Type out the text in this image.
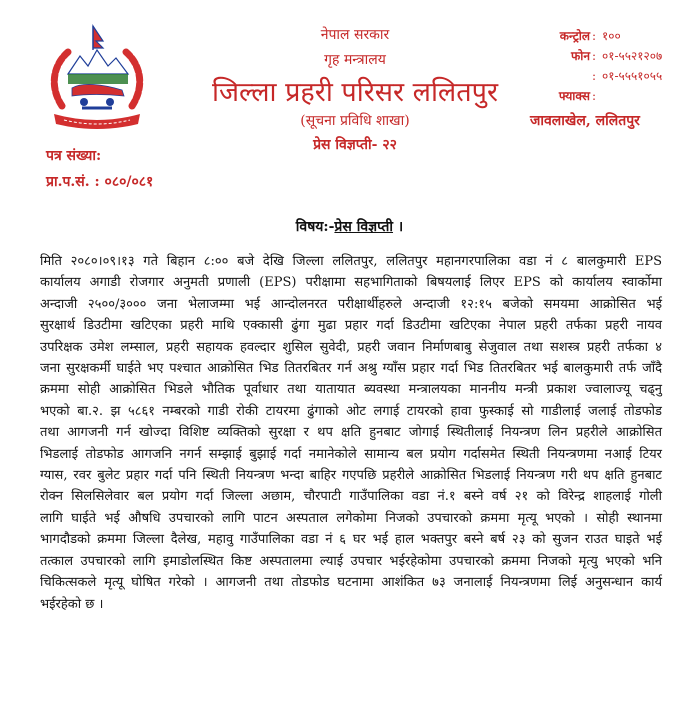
नेपाल सरकार
गृह मन्त्रालय
जिल्ला प्रहरी परिसर ललितपुर
(सूचना प्रविधि शाखा)
प्रेस विज्ञप्ती- २२
कन्ट्रोल : १००
फोन : ०१-५५२१२०७
: ०१-५५५१०५५
फ्याक्स :
जावलाखेल, ललितपुर
पत्र संख्या:
प्रा.प.सं. : ०८०/०८१
विषय:-प्रेस विज्ञप्ती ।
मिति २०८०।०९।१३ गते बिहान ८:०० बजे देखि जिल्ला ललितपुर, ललितपुर महानगरपालिका वडा नं ८ बालकुमारी EPS
कार्यालय अगाडी रोजगार अनुमती प्रणाली (EPS) परीक्षामा सहभागिताको बिषयलाई लिएर EPS को कार्यालय स्वार्कोमा
अन्दाजी २५००/३००० जना भेलाजम्मा भई आन्दोलनरत परीक्षार्थीहरुले अन्दाजी १२:१५ बजेको समयमा आक्रोसित भई
सुरक्षार्थ डिउटीमा खटिएका प्रहरी माथि एक्कासी ढुंगा मुढा प्रहार गर्दा डिउटीमा खटिएका नेपाल प्रहरी तर्फका प्रहरी नायव
उपरिक्षक उमेश लम्साल, प्रहरी सहायक हवल्दार शुसिल सुवेदी, प्रहरी जवान निर्माणबाबु सेजुवाल तथा सशस्त्र प्रहरी तर्फका ४
जना सुरक्षकर्मी घाईते भए पश्चात आक्रोसित भिड तितरबितर गर्न अश्रु ग्याँस प्रहार गर्दा भिड तितरबितर भई बालकुमारी तर्फ जाँदै
क्रममा सोही आक्रोसित भिडले भौतिक पूर्वाधार तथा यातायात ब्यवस्था मन्त्रालयका माननीय मन्त्री प्रकाश ज्वालाज्यू चढ्नु
भएको बा.२. झ ५८६१ नम्बरको गाडी रोकी टायरमा ढुंगाको ओट लगाई टायरको हावा फुस्काई सो गाडीलाई जलाई तोडफोड
तथा आगजनी गर्न खोज्दा विशिष्ट व्यक्तिको सुरक्षा र थप क्षति हुनबाट जोगाई स्थितीलाई नियन्त्रण लिन प्रहरीले आक्रोसित
भिडलाई तोडफोड आगजनि नगर्न सम्झाई बुझाई गर्दा नमानेकोले सामान्य बल प्रयोग गर्दासमेत स्थिती नियन्त्रणमा नआई टियर
ग्यास, रवर बुलेट प्रहार गर्दा पनि स्थिती नियन्त्रण भन्दा बाहिर गएपछि प्रहरीले आक्रोसित भिडलाई नियन्त्रण गरी थप क्षति हुनबाट
रोक्न सिलसिलेवार बल प्रयोग गर्दा जिल्ला अछाम, चौरपाटी गाउँपालिका वडा नं.१ बस्ने वर्ष २१ को विरेन्द्र शाहलाई गोली
लागि घाईते भई औषधि उपचारको लागि पाटन अस्पताल लगेकोमा निजको उपचारको क्रममा मृत्यू भएको । सोही स्थानमा
भागदौडको क्रममा जिल्ला दैलेख, महावु गाउँपालिका वडा नं ६ घर भई हाल भक्तपुर बस्ने बर्ष २३ को सुजन राउत घाइते भई
तत्काल उपचारको लागि इमाडोलस्थित किष्ट अस्पतालमा ल्याई उपचार भईरहेकोमा उपचारको क्रममा निजको मृत्यु भएको भनि
चिकित्सकले मृत्यू घोषित गरेको । आगजनी तथा तोडफोड घटनामा आशंकित ७३ जनालाई नियन्त्रणमा लिई अनुसन्धान कार्य
भईरहेको छ ।
